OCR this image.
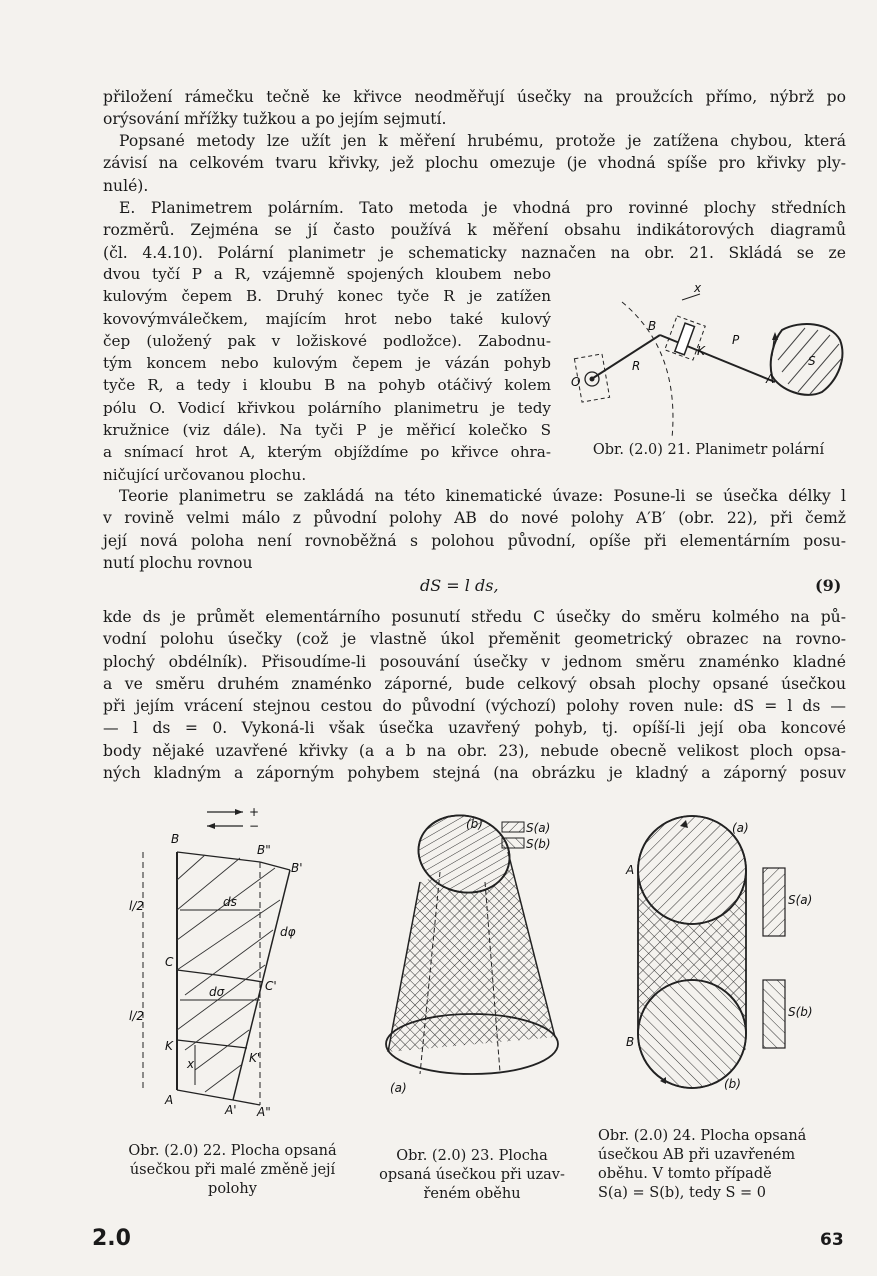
přiložení rámečku tečně ke křivce neodměřují úsečky na proužcích přímo, nýbrž po
orýsování mřížky tužkou a po jejím sejmutí.
Popsané metody lze užít jen k měření hrubému, protože je zatížena chybou, která
závisí na celkovém tvaru křivky, jež plochu omezuje (je vhodná spíše pro křivky ply-
nulé).
E. Planimetrem polárním. Tato metoda je vhodná pro rovinné plochy středních
rozměrů. Zejména se jí často používá k měření obsahu indikátorových diagramů
(čl. 4.4.10). Polární planimetr je schematicky naznačen na obr. 21. Skládá se ze
dvou tyčí P a R, vzájemně spojených kloubem nebo
kulovým čepem B. Druhý konec tyče R je zatížen
kovovýmválečkem, majícím hrot nebo také kulový
čep (uložený pak v ložiskové podložce). Zabodnu-
tým koncem nebo kulovým čepem je vázán pohyb
tyče R, a tedy i kloubu B na pohyb otáčivý kolem
pólu O. Vodicí křivkou polárního planimetru je tedy
kružnice (viz dále). Na tyči P je měřicí kolečko S
a snímací hrot A, kterým objíždíme po křivce ohra-
ničující určovanou plochu.
B
K
P
R
O	A
S
x
Obr. (2.0) 21. Planimetr polární
Teorie planimetru se zakládá na této kinematické úvaze: Posune-li se úsečka délky l
v rovině velmi málo z původní polohy AB do nové polohy A′B′ (obr. 22), při čemž
její nová poloha není rovnoběžná s polohou původní, opíše při elementárním posu-
nutí plochu rovnou
dS = l ds,	(9)
kde ds je průmět elementárního posunutí středu C úsečky do směru kolmého na pů-
vodní polohu úsečky (což je vlastně úkol přeměnit geometrický obrazec na rovno-
plochý obdélník). Přisoudíme-li posouvání úsečky v jednom směru znaménko kladné
a ve směru druhém znaménko záporné, bude celkový obsah plochy opsané úsečkou
při jejím vrácení stejnou cestou do původní (výchozí) polohy roven nule: dS = l ds —
— l ds = 0. Vykoná-li však úsečka uzavřený pohyb, tj. opíší-li její oba koncové
body nějaké uzavřené křivky (a a b na obr. 23), nebude obecně velikost ploch opsa-
ných kladným a záporným pohybem stejná (na obrázku je kladný a záporný posuv
+
−
B
B"
B'
C
C'
K
K'
A
A' A"
ds
dσ
dφ
x
l/2
l/2
Obr. (2.0) 22. Plocha opsaná
úsečkou při malé změně její
polohy
(b)
(a)
S(a)
S(b)
Obr. (2.0) 23. Plocha
opsaná úsečkou při uzav-
řeném oběhu
(a)
(b)
A
B
S(a)
S(b)
Obr. (2.0) 24. Plocha opsaná
úsečkou AB při uzavřeném
oběhu. V tomto případě
S(a) = S(b), tedy S = 0
2.0	63
